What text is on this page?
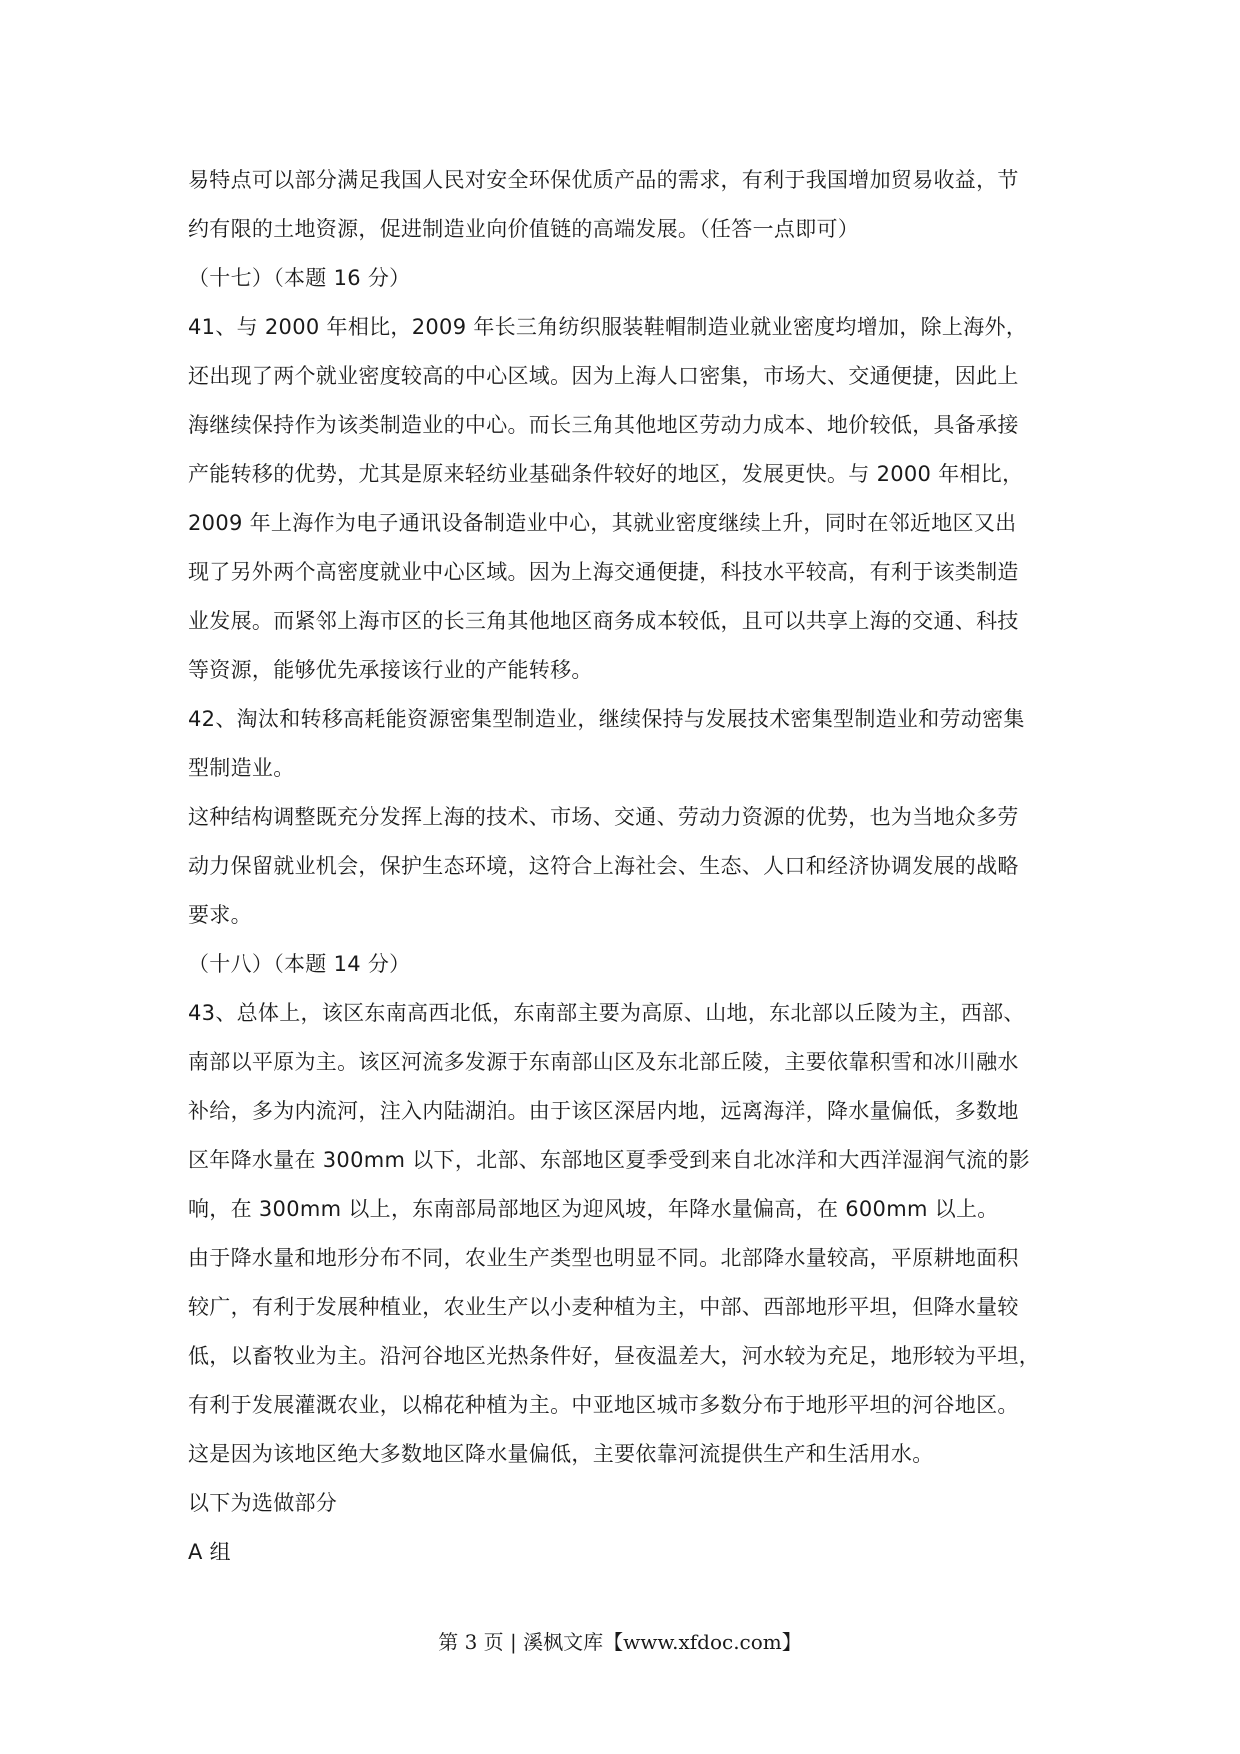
易特点可以部分满足我国人民对安全环保优质产品的需求，有利于我国增加贸易收益，节
约有限的土地资源，促进制造业向价值链的高端发展。（任答一点即可）
（十七）（本题 16 分）
41、与 2000 年相比，2009 年长三角纺织服装鞋帽制造业就业密度均增加，除上海外，
还出现了两个就业密度较高的中心区域。因为上海人口密集，市场大、交通便捷，因此上
海继续保持作为该类制造业的中心。而长三角其他地区劳动力成本、地价较低，具备承接
产能转移的优势，尤其是原来轻纺业基础条件较好的地区，发展更快。与 2000 年相比，
2009 年上海作为电子通讯设备制造业中心，其就业密度继续上升，同时在邻近地区又出
现了另外两个高密度就业中心区域。因为上海交通便捷，科技水平较高，有利于该类制造
业发展。而紧邻上海市区的长三角其他地区商务成本较低，且可以共享上海的交通、科技
等资源，能够优先承接该行业的产能转移。
42、淘汰和转移高耗能资源密集型制造业，继续保持与发展技术密集型制造业和劳动密集
型制造业。
这种结构调整既充分发挥上海的技术、市场、交通、劳动力资源的优势，也为当地众多劳
动力保留就业机会，保护生态环境，这符合上海社会、生态、人口和经济协调发展的战略
要求。
（十八）（本题 14 分）
43、总体上，该区东南高西北低，东南部主要为高原、山地，东北部以丘陵为主，西部、
南部以平原为主。该区河流多发源于东南部山区及东北部丘陵，主要依靠积雪和冰川融水
补给，多为内流河，注入内陆湖泊。由于该区深居内地，远离海洋，降水量偏低，多数地
区年降水量在 300mm 以下，北部、东部地区夏季受到来自北冰洋和大西洋湿润气流的影
响，在 300mm 以上，东南部局部地区为迎风坡，年降水量偏高，在 600mm 以上。
由于降水量和地形分布不同，农业生产类型也明显不同。北部降水量较高，平原耕地面积
较广，有利于发展种植业，农业生产以小麦种植为主，中部、西部地形平坦，但降水量较
低，以畜牧业为主。沿河谷地区光热条件好，昼夜温差大，河水较为充足，地形较为平坦，
有利于发展灌溉农业，以棉花种植为主。中亚地区城市多数分布于地形平坦的河谷地区。
这是因为该地区绝大多数地区降水量偏低，主要依靠河流提供生产和生活用水。
以下为选做部分
A 组
第 3 页 | 溪枫文库【www.xfdoc.com】
